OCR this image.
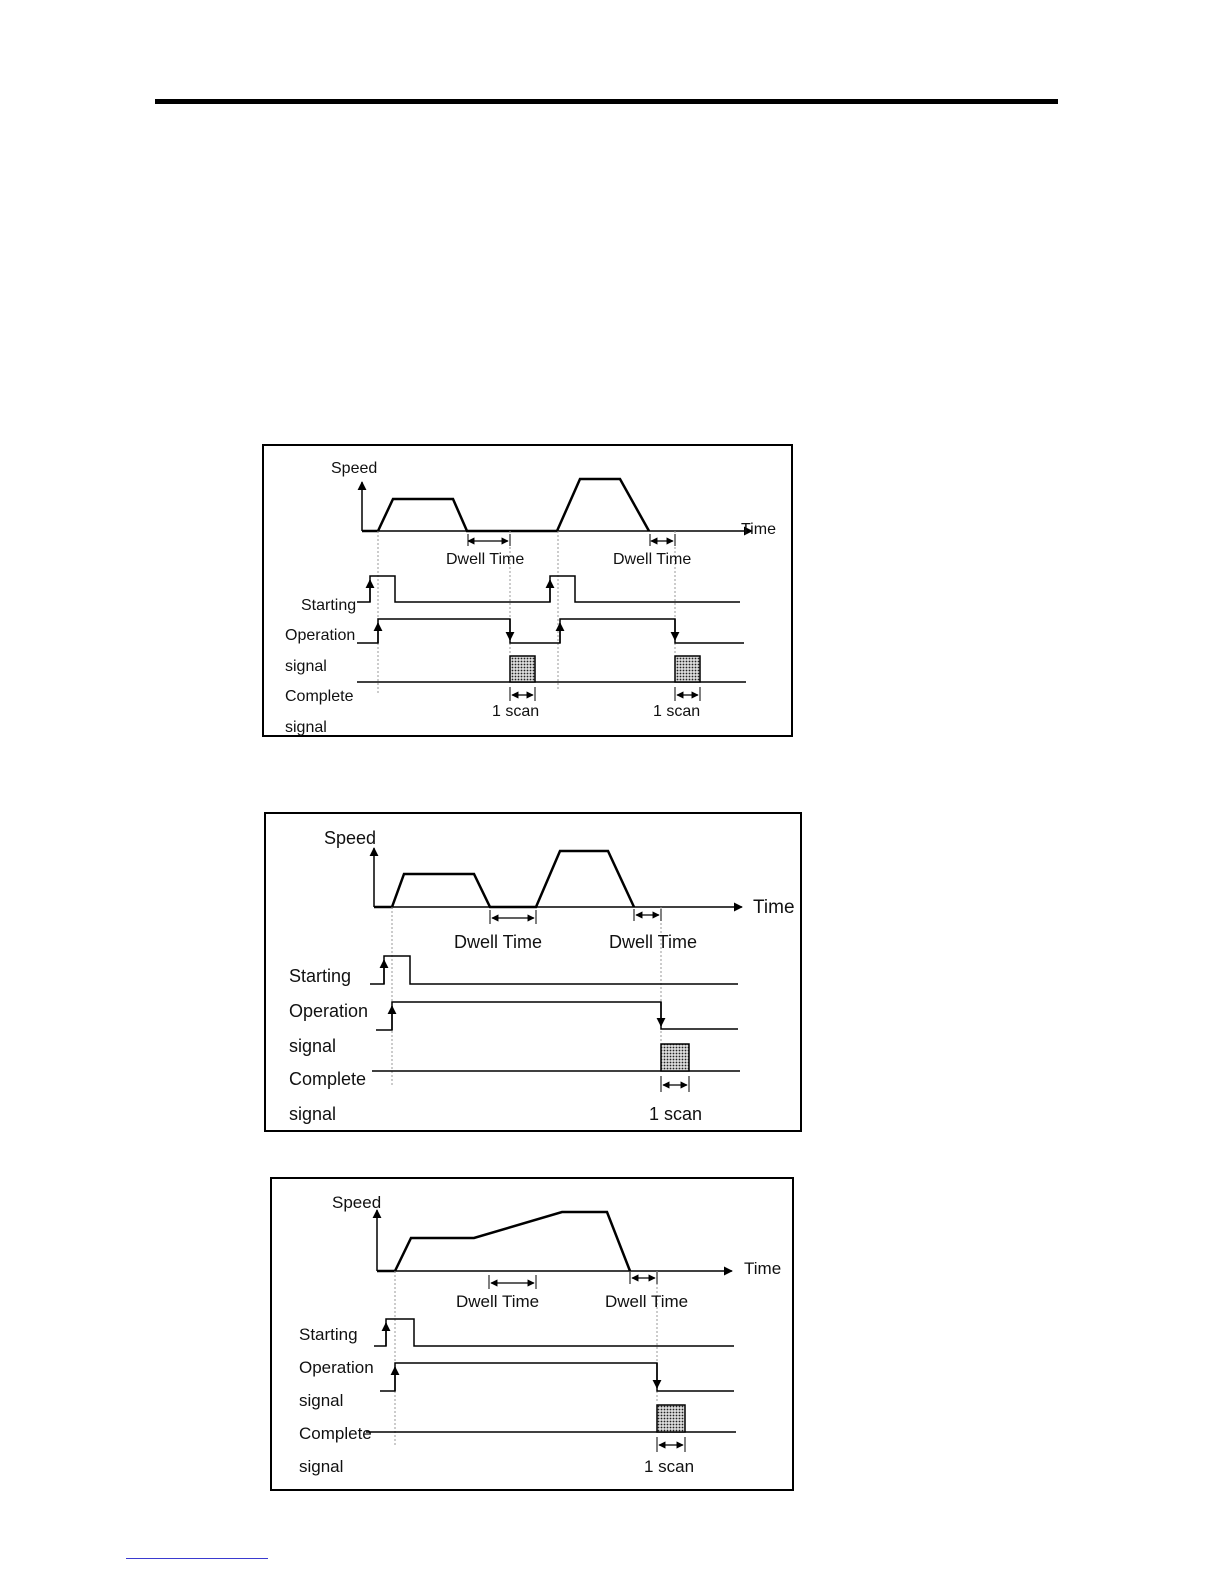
Speed
Time
Dwell Time	Dwell Time
Starting
Operation
signal
Complete
signal
1 scan	1 scan
Speed
Time
Dwell Time	Dwell Time
Starting
Operation
signal
Complete
signal	1 scan
Speed
Time
Dwell Time	Dwell Time
Starting
Operation
signal
Complete
signal	1 scan
